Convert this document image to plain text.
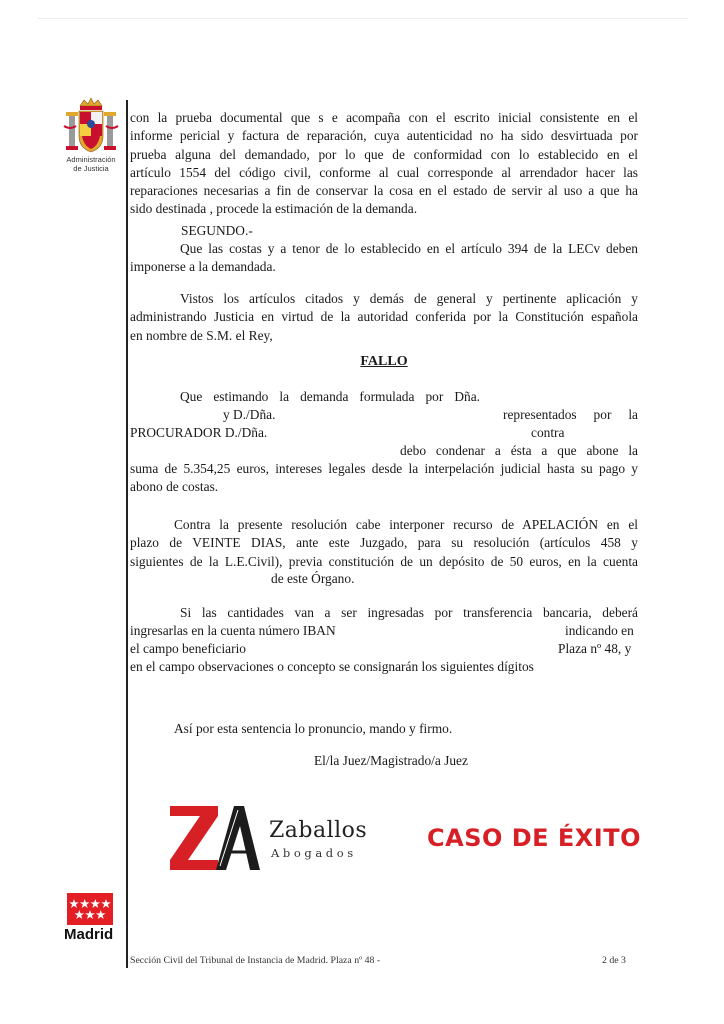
Administración
de Justicia

con la prueba documental que s e acompaña con el escrito inicial consistente en el
informe pericial y factura de reparación, cuya autenticidad no ha sido desvirtuada por
prueba alguna del demandado, por lo que de conformidad con lo establecido en el
artículo 1554 del código civil, conforme al cual corresponde al arrendador hacer las
reparaciones necesarias a fin de conservar la cosa en el estado de servir al uso a que ha
sido destinada , procede la estimación de la demanda.

SEGUNDO.-

Que las costas y a tenor de lo establecido en el artículo 394 de la LECv deben
imponerse a la demandada.

Vistos los artículos citados y demás de general y pertinente aplicación y
administrando Justicia en virtud de la autoridad conferida por la Constitución española
en nombre de S.M. el Rey,

FALLO

Que estimando la demanda formulada por Dña.

y D./Dña.	representados por la
PROCURADOR D./Dña.	contra
debo condenar a ésta a que abone la

suma de 5.354,25 euros, intereses legales desde la interpelación judicial hasta su pago y
abono de costas.

Contra la presente resolución cabe interponer recurso de APELACIÓN en el
plazo de VEINTE DIAS, ante este Juzgado, para su resolución (artículos 458 y
siguientes de la L.E.Civil), previa constitución de un depósito de 50 euros, en la cuenta

de este Órgano.

Si las cantidades van a ser ingresadas por transferencia bancaria, deberá

ingresarlas en la cuenta número IBAN	indicando en
el campo beneficiario	Plaza nº 48, y
en el campo observaciones o concepto se consignarán los siguientes dígitos
Así por esta sentencia lo pronuncio, mando y firmo.
El/la Juez/Magistrado/a Juez
Zaballos
Abogados
CASO DE ÉXITO
Madrid
Sección Civil del Tribunal de Instancia de Madrid. Plaza nº 48 -	2 de 3
